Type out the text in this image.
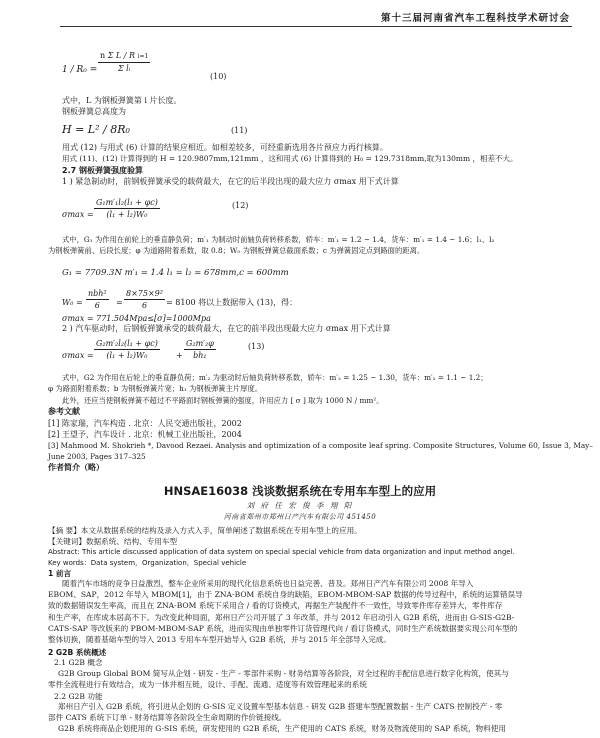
第十三届河南省汽车工程科技学术研讨会
$1 / R_0 = \frac{\text{n Σ L / R i=1}}{\text{Σ lᵢ}}$
(10)
式中，L 为钢板弹簧第 i 片长度。
钢板弹簧总高度为
H = L² / 8R₀	(11)
用式 (12) 与用式 (6) 计算的结果应相近。如相差较多，可经重新选用各片预应力再行核算。
用式 (11)、(12) 计算得到的 H = 120.9807mm,121mm ，这和用式 (6) 计算得到的 H₀ = 129.7318mm,取为130mm ，相差不大。
2.7 钢板弹簧强度验算
1 ) 紧急制动时，前钢板弹簧承受的载荷最大，在它的后半段出现的最大应力 σmax 用下式计算
$\sigma\max = \frac{\text{G₁m′₁l₂(l₁ + φc)}}{\text{(l₁ + l₂)W₀}}$	(12)
式中，G₁ 为作用在前轮上的垂直静负荷；m′₁ 为制动时前轴负荷转移系数，轿车：m′₁ = 1.2 ~ 1.4，货车：m′₁ = 1.4 ~ 1.6；l₁、l₂
为钢板弹簧前、后段长度；φ 为道路附着系数，取 0.8；W₀ 为钢板弹簧总截面系数；c 为弹簧固定点到路面的距离。
G₁ = 7709.3N m′₁ = 1.4 l₁ = l₂ = 678mm,c = 600mm
$W_0 = \frac{\text{nbh²}}{6} = \frac{\text{8×75×9²}}{6} = 8100$ 将以上数据带入 (13)，得：
σmax = 771.504Mpa≤[σ]=1000Mpa
2 ) 汽车驱动时，后钢板弹簧承受的载荷最大，在它的前半段出现最大应力 σmax 用下式计算
$\sigma\max = \frac{\text{G₂m′₂l₂(l₁ + φc)}}{\text{(l₁ + l₂)W₀}} + \frac{\text{G₂m′₂φ}}{\text{bh₁}}$	(13)
式中，G2 为作用在后轮上的垂直静负荷；m′₂ 为驱动时后轴负荷转移系数，轿车：m′₂ = 1.25 ~ 1.30，货车：m′₂ = 1.1 ~ 1.2；
φ 为路面附着系数；b 为钢板弹簧片宽；h₁ 为钢板弹簧主片厚度。
此外，还应当使钢板弹簧不超过不平路面时钢板弹簧的强度，许用应力 [ σ ] 取为 1000 N / mm²。
参考文献
[1] 陈家瑞，汽车构造 . 北京：人民交通出版社，2002
[2] 王望予，汽车设计 . 北京：机械工业出版社，2004
[3] Mahmood M. Shokrieh *, Davood Rezaei. Analysis and optimization of a composite leaf spring. Composite Structures, Volume 60, Issue 3, May–
June 2003, Pages 317–325
作者简介（略）
HNSAE16038 浅谈数据系统在专用车车型上的应用
刘 府 任 宏 俊 李 翔 阳
河南省郑州市郑州日产汽车有限公司 451450
【摘 要】本文从数据系统的结构及录入方式入手，简单阐述了数据系统在专用车型上的应用。
【关键词】数据系统、结构、专用车型
Abstract: This article discussed application of data system on special special vehicle from data organization and input method angel.
Key words：Data system，Organization，Special vehicle
1 前言
随着汽车市场的竞争日益激烈，整车企业所采用的现代化信息系统也日益完善、普及。郑州日产汽车有限公司 2008 年导入
EBOM、SAP，2012 年导入 MBOM[1]，由于 ZNA-BOM 系统自身的缺陷，EBOM-MBOM-SAP 数据的传导过程中，系统的运算错误导
致的数据错误发生率高，而且在 ZNA-BOM 系统下采用合 / 看的订货模式，再据生产装配件不一致性，导致零件库存差异大，零件库存
和生产率，在库成本居高不下。为改变此种局面，郑州日产公司开展了 3 年改革，并与 2012 年启动引入 G2B 系统，进而由 G-SIS-G2B-
CATS-SAP 等改版来的 PBOM-MBOM-SAP 系统，进而实现由单独零件订货管理代向 / 看订货模式，同时生产系统数据要实现公司车型的
整体切换，随着基础车型的导入 2013 专用车车型开始导入 G2B 系统，并与 2015 年全部导入完成。
2 G2B 系统概述
2.1 G2B 概念
G2B Group Global BOM 简写从企划 - 研发 - 生产 - 零部件采购 - 财务结算等各阶段，对全过程的手配信息进行数字化构筑，使其与
零件全流程进行有效结合，成为一体并相互链，设计、手配、流通、适度等有效管理起来的系统
2.2 G2B 功能
郑州日产引入 G2B 系统，将引进从企划的 G-SIS 定义设置车型基本信息 - 研发 G2B 搭建车型配置数据 - 生产 CATS 控制投产 - 零
部件 CATS 系统下订单 - 财务结算等各阶段全生命周期的作价链接线。
G2B 系统将商品企划使用的 G-SIS 系统，研发使用的 G2B 系统，生产使用的 CATS 系统，财务及物流使用的 SAP 系统，物料使用
